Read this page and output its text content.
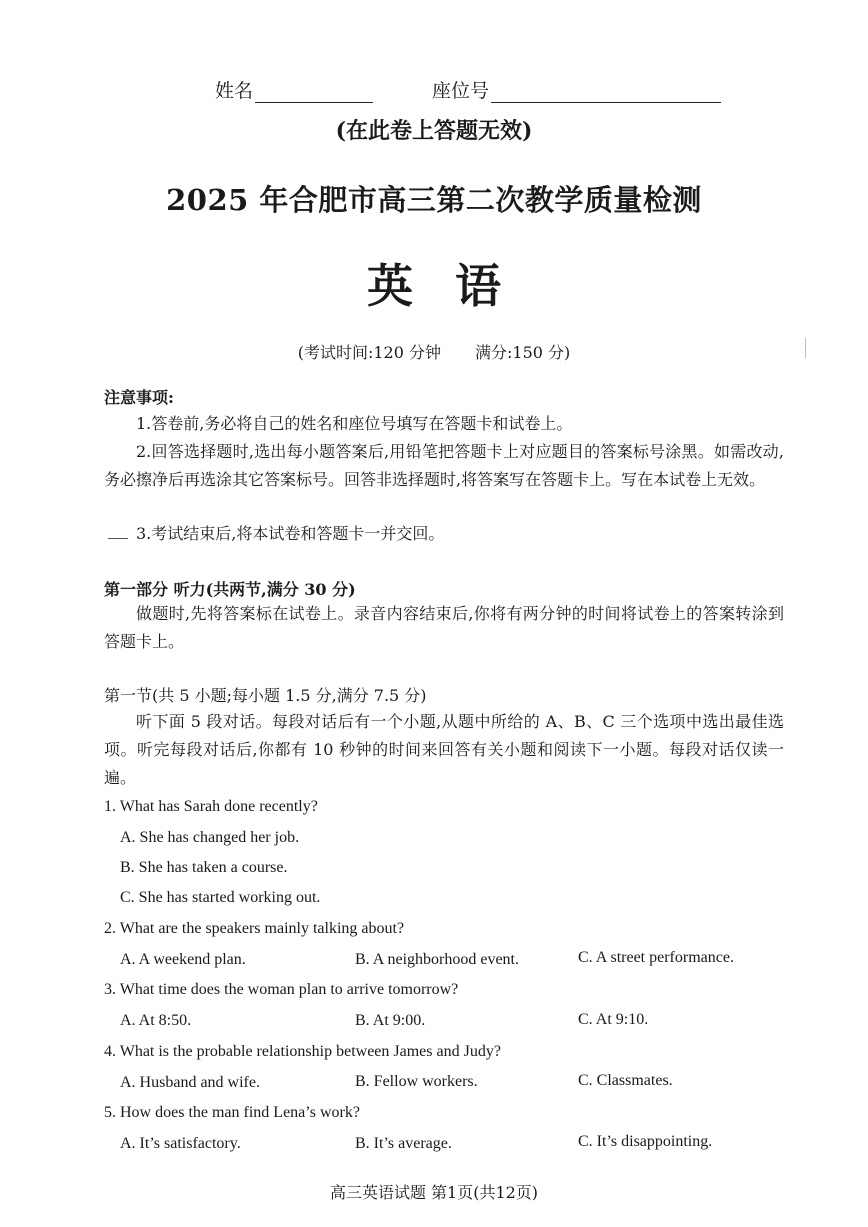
姓名	座位号
(在此卷上答题无效)
2025 年合肥市高三第二次教学质量检测
英语
(考试时间:120 分钟 满分:150 分)
注意事项:
1.答卷前,务必将自己的姓名和座位号填写在答题卡和试卷上。
2.回答选择题时,选出每小题答案后,用铅笔把答题卡上对应题目的答案标号涂黑。如需改动,务必擦净后再选涂其它答案标号。回答非选择题时,将答案写在答题卡上。写在本试卷上无效。
3.考试结束后,将本试卷和答题卡一并交回。
第一部分 听力(共两节,满分 30 分)
做题时,先将答案标在试卷上。录音内容结束后,你将有两分钟的时间将试卷上的答案转涂到答题卡上。
第一节(共 5 小题;每小题 1.5 分,满分 7.5 分)
听下面 5 段对话。每段对话后有一个小题,从题中所给的 A、B、C 三个选项中选出最佳选项。听完每段对话后,你都有 10 秒钟的时间来回答有关小题和阅读下一小题。每段对话仅读一遍。
1. What has Sarah done recently?
A. She has changed her job.
B. She has taken a course.
C. She has started working out.
2. What are the speakers mainly talking about?
A. A weekend plan.	B. A neighborhood event.	C. A street performance.
3. What time does the woman plan to arrive tomorrow?
A. At 8:50.	B. At 9:00.	C. At 9:10.
4. What is the probable relationship between James and Judy?
A. Husband and wife.	B. Fellow workers.	C. Classmates.
5. How does the man find Lena’s work?
A. It’s satisfactory.	B. It’s average.	C. It’s disappointing.
高三英语试题 第1页(共12页)
